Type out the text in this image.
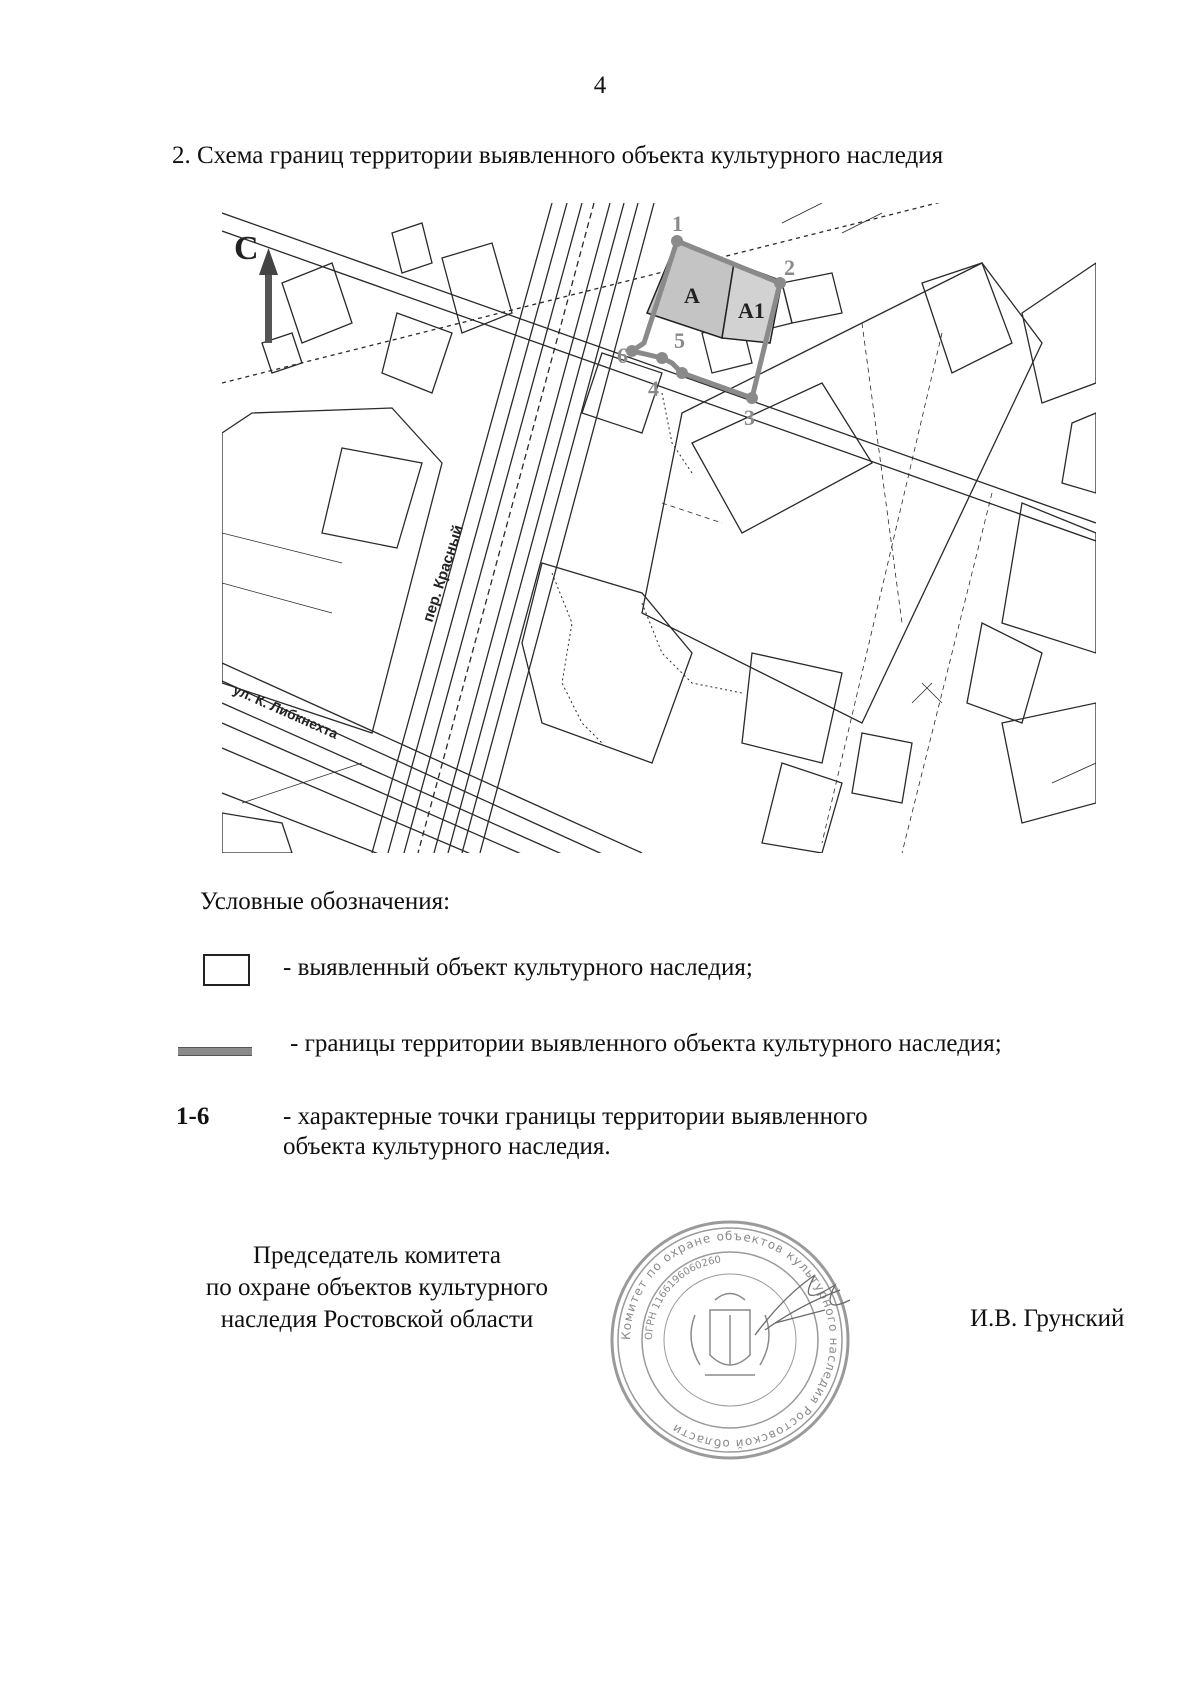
4
2. Схема границ территории выявленного объекта культурного наследия
С
А
А1
1
2
3
4
5
6
пер. Красный
ул. К. Либкнехта
Условные обозначения:
- выявленный объект культурного наследия;
- границы территории выявленного объекта культурного наследия;
1-6	- характерные точки границы территории выявленного
объекта культурного наследия.
Председатель комитета
по охране объектов культурного
наследия Ростовской области
Комитет по охране объектов культурного наследия Ростовской области
ОГРН 1166196060260
И.В. Грунский
